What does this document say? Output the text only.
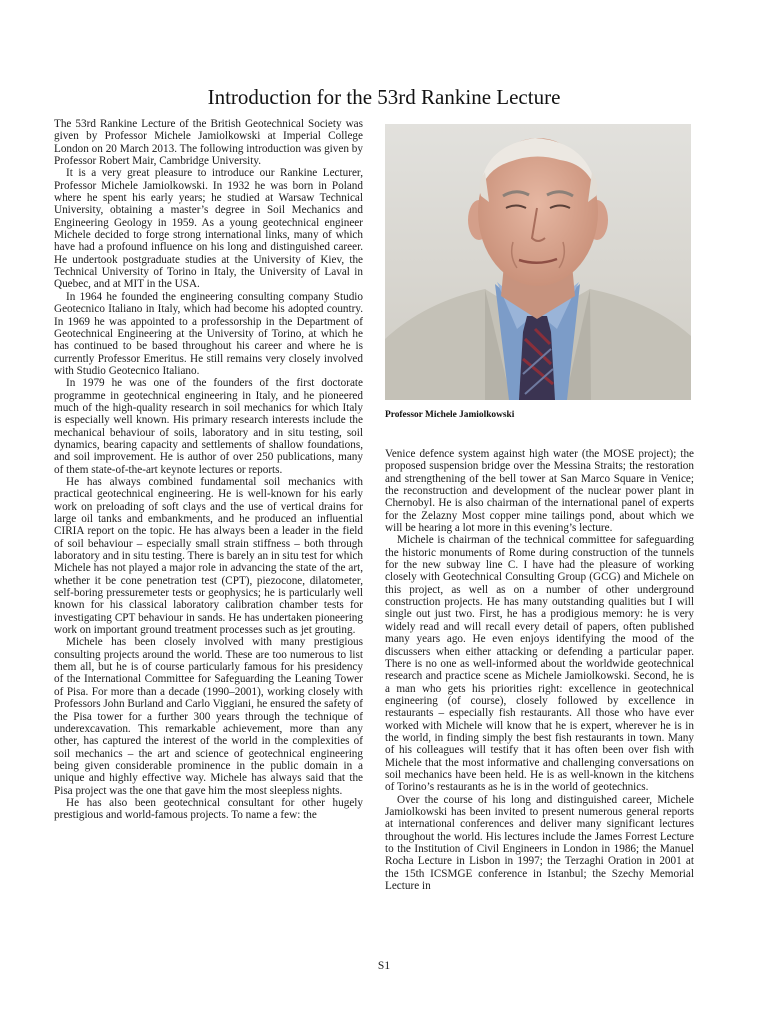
Introduction for the 53rd Rankine Lecture

The 53rd Rankine Lecture of the British Geotechnical Society was given by Professor Michele Jamiolkowski at Imperial College London on 20 March 2013. The following introduction was given by Professor Robert Mair, Cambridge University.

It is a very great pleasure to introduce our Rankine Lecturer, Professor Michele Jamiolkowski. In 1932 he was born in Poland where he spent his early years; he studied at Warsaw Technical University, obtaining a master’s degree in Soil Mechanics and Engineering Geology in 1959. As a young geotechnical engineer Michele decided to forge strong international links, many of which have had a profound influence on his long and distinguished career. He undertook postgraduate studies at the University of Kiev, the Technical University of Torino in Italy, the University of Laval in Quebec, and at MIT in the USA.

In 1964 he founded the engineering consulting company Studio Geotecnico Italiano in Italy, which had become his adopted country. In 1969 he was appointed to a professorship in the Department of Geotechnical Engineering at the University of Torino, at which he has continued to be based throughout his career and where he is currently Professor Emeritus. He still remains very closely involved with Studio Geotecnico Italiano.

In 1979 he was one of the founders of the first doctorate programme in geotechnical engineering in Italy, and he pioneered much of the high-quality research in soil mechanics for which Italy is especially well known. His primary research interests include the mechanical behaviour of soils, laboratory and in situ testing, soil dynamics, bearing capacity and settlements of shallow foundations, and soil improvement. He is author of over 250 publications, many of them state-of-the-art keynote lectures or reports.

He has always combined fundamental soil mechanics with practical geotechnical engineering. He is well-known for his early work on preloading of soft clays and the use of vertical drains for large oil tanks and embankments, and he produced an influential CIRIA report on the topic. He has always been a leader in the field of soil behaviour – especially small strain stiffness – both through laboratory and in situ testing. There is barely an in situ test for which Michele has not played a major role in advancing the state of the art, whether it be cone penetration test (CPT), piezocone, dilatometer, self-boring pressuremeter tests or geophysics; he is particularly well known for his classical laboratory calibration chamber tests for investigating CPT behaviour in sands. He has undertaken pioneering work on important ground treatment processes such as jet grouting.

Michele has been closely involved with many prestigious consulting projects around the world. These are too numerous to list them all, but he is of course particularly famous for his presidency of the International Committee for Safeguarding the Leaning Tower of Pisa. For more than a decade (1990–2001), working closely with Professors John Burland and Carlo Viggiani, he ensured the safety of the Pisa tower for a further 300 years through the technique of underexcavation. This remarkable achievement, more than any other, has captured the interest of the world in the complexities of soil mechanics – the art and science of geotechnical engineering being given considerable prominence in the public domain in a unique and highly effective way. Michele has always said that the Pisa project was the one that gave him the most sleepless nights.

He has also been geotechnical consultant for other hugely prestigious and world-famous projects. To name a few: the

Professor Michele Jamiolkowski

Venice defence system against high water (the MOSE project); the proposed suspension bridge over the Messina Straits; the restoration and strengthening of the bell tower at San Marco Square in Venice; the reconstruction and development of the nuclear power plant in Chernobyl. He is also chairman of the international panel of experts for the Zelazny Most copper mine tailings pond, about which we will be hearing a lot more in this evening’s lecture.

Michele is chairman of the technical committee for safeguarding the historic monuments of Rome during construction of the tunnels for the new subway line C. I have had the pleasure of working closely with Geotechnical Consulting Group (GCG) and Michele on this project, as well as on a number of other underground construction projects. He has many outstanding qualities but I will single out just two. First, he has a prodigious memory: he is very widely read and will recall every detail of papers, often published many years ago. He even enjoys identifying the mood of the discussers when either attacking or defending a particular paper. There is no one as well-informed about the worldwide geotechnical research and practice scene as Michele Jamiolkowski. Second, he is a man who gets his priorities right: excellence in geotechnical engineering (of course), closely followed by excellence in restaurants – especially fish restaurants. All those who have ever worked with Michele will know that he is expert, wherever he is in the world, in finding simply the best fish restaurants in town. Many of his colleagues will testify that it has often been over fish with Michele that the most informative and challenging conversations on soil mechanics have been held. He is as well-known in the kitchens of Torino’s restaurants as he is in the world of geotechnics.

Over the course of his long and distinguished career, Michele Jamiolkowski has been invited to present numerous general reports at international conferences and deliver many significant lectures throughout the world. His lectures include the James Forrest Lecture to the Institution of Civil Engineers in London in 1986; the Manuel Rocha Lecture in Lisbon in 1997; the Terzaghi Oration in 2001 at the 15th ICSMGE conference in Istanbul; the Szechy Memorial Lecture in

S1
